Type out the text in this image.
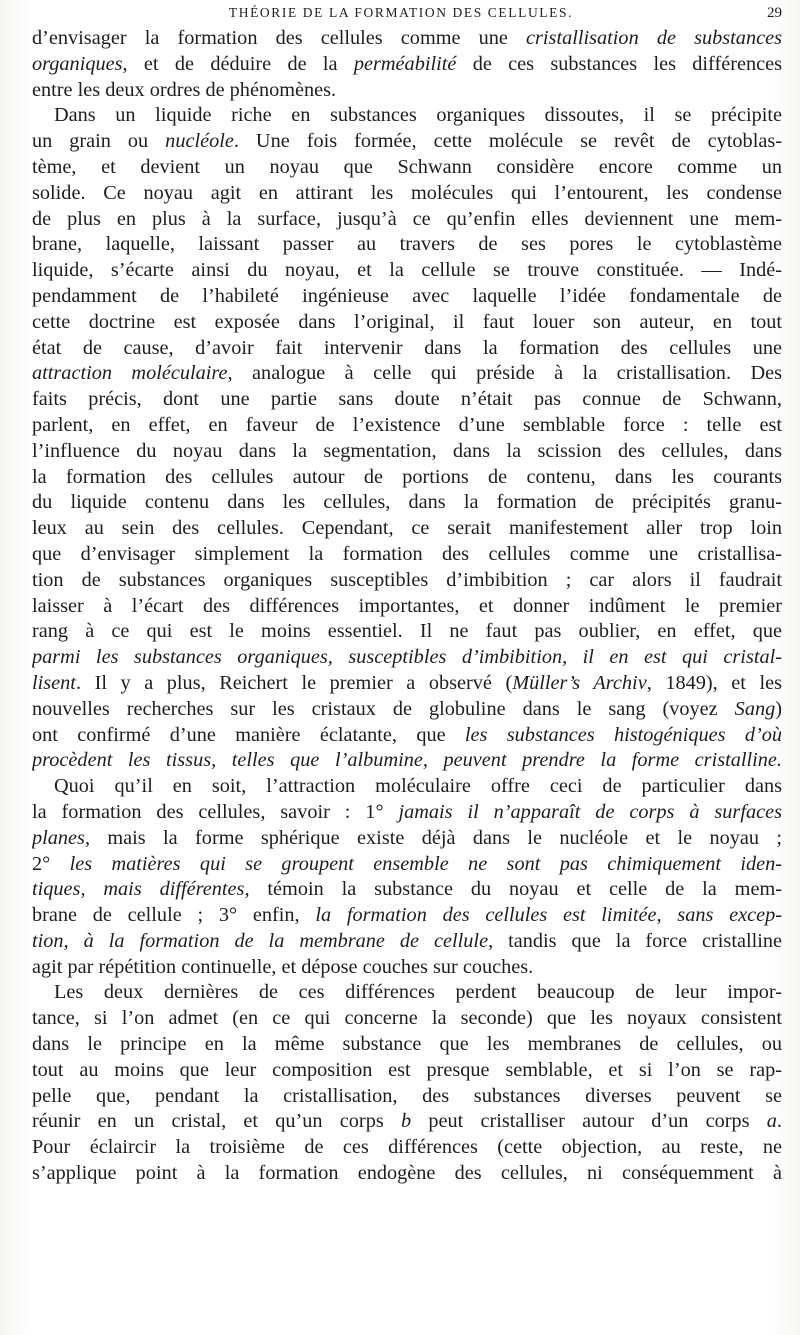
THÉORIE DE LA FORMATION DES CELLULES.	29
d’envisager la formation des cellules comme une cristallisation de substances
organiques, et de déduire de la perméabilité de ces substances les différences
entre les deux ordres de phénomènes.
Dans un liquide riche en substances organiques dissoutes, il se précipite
un grain ou nucléole. Une fois formée, cette molécule se revêt de cytoblas-
tème, et devient un noyau que Schwann considère encore comme un
solide. Ce noyau agit en attirant les molécules qui l’entourent, les condense
de plus en plus à la surface, jusqu’à ce qu’enfin elles deviennent une mem-
brane, laquelle, laissant passer au travers de ses pores le cytoblastème
liquide, s’écarte ainsi du noyau, et la cellule se trouve constituée. — Indé-
pendamment de l’habileté ingénieuse avec laquelle l’idée fondamentale de
cette doctrine est exposée dans l’original, il faut louer son auteur, en tout
état de cause, d’avoir fait intervenir dans la formation des cellules une
attraction moléculaire, analogue à celle qui préside à la cristallisation. Des
faits précis, dont une partie sans doute n’était pas connue de Schwann,
parlent, en effet, en faveur de l’existence d’une semblable force : telle est
l’influence du noyau dans la segmentation, dans la scission des cellules, dans
la formation des cellules autour de portions de contenu, dans les courants
du liquide contenu dans les cellules, dans la formation de précipités granu-
leux au sein des cellules. Cependant, ce serait manifestement aller trop loin
que d’envisager simplement la formation des cellules comme une cristallisa-
tion de substances organiques susceptibles d’imbibition ; car alors il faudrait
laisser à l’écart des différences importantes, et donner indûment le premier
rang à ce qui est le moins essentiel. Il ne faut pas oublier, en effet, que
parmi les substances organiques, susceptibles d’imbibition, il en est qui cristal-
lisent. Il y a plus, Reichert le premier a observé (Müller’s Archiv, 1849), et les
nouvelles recherches sur les cristaux de globuline dans le sang (voyez Sang)
ont confirmé d’une manière éclatante, que les substances histogéniques d’où
procèdent les tissus, telles que l’albumine, peuvent prendre la forme cristalline.
Quoi qu’il en soit, l’attraction moléculaire offre ceci de particulier dans
la formation des cellules, savoir : 1° jamais il n’apparaît de corps à surfaces
planes, mais la forme sphérique existe déjà dans le nucléole et le noyau ;
2° les matières qui se groupent ensemble ne sont pas chimiquement iden-
tiques, mais différentes, témoin la substance du noyau et celle de la mem-
brane de cellule ; 3° enfin, la formation des cellules est limitée, sans excep-
tion, à la formation de la membrane de cellule, tandis que la force cristalline
agit par répétition continuelle, et dépose couches sur couches.
Les deux dernières de ces différences perdent beaucoup de leur impor-
tance, si l’on admet (en ce qui concerne la seconde) que les noyaux consistent
dans le principe en la même substance que les membranes de cellules, ou
tout au moins que leur composition est presque semblable, et si l’on se rap-
pelle que, pendant la cristallisation, des substances diverses peuvent se
réunir en un cristal, et qu’un corps b peut cristalliser autour d’un corps a.
Pour éclaircir la troisième de ces différences (cette objection, au reste, ne
s’applique point à la formation endogène des cellules, ni conséquemment à
